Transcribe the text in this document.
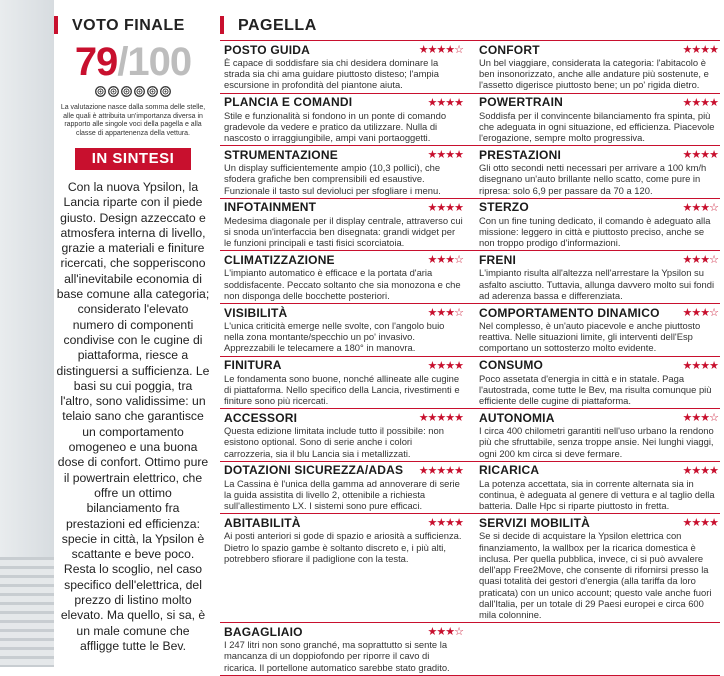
VOTO FINALE
79/100
La valutazione nasce dalla somma delle stelle, alle quali è attribuita un'importanza diversa in rapporto alle singole voci della pagella e alla classe di appartenenza della vettura.
IN SINTESI
Con la nuova Ypsilon, la Lancia riparte con il piede giusto. Design azzeccato e atmosfera interna di livello, grazie a materiali e finiture ricercati, che sopperiscono all'inevitabile economia di base comune alla categoria; considerato l'elevato numero di componenti condivise con le cugine di piattaforma, riesce a distinguersi a sufficienza. Le basi su cui poggia, tra l'altro, sono validissime: un telaio sano che garantisce un comportamento omogeneo e una buona dose di confort. Ottimo pure il powertrain elettrico, che offre un ottimo bilanciamento fra prestazioni ed efficienza: specie in città, la Ypsilon è scattante e beve poco. Resta lo scoglio, nel caso specifico dell'elettrica, del prezzo di listino molto elevato. Ma quello, si sa, è un male comune che affligge tutte le Bev.
PAGELLA
POSTO GUIDA	★★★★☆
È capace di soddisfare sia chi desidera dominare la strada sia chi ama guidare piuttosto disteso; l'ampia escursione in profondità del piantone aiuta.
CONFORT	★★★★
Un bel viaggiare, considerata la categoria: l'abitacolo è ben insonorizzato, anche alle andature più sostenute, e l'assetto digerisce piuttosto bene; un po' rigida dietro.
PLANCIA E COMANDI	★★★★
Stile e funzionalità si fondono in un ponte di comando gradevole da vedere e pratico da utilizzare. Nulla di nascosto o irraggiungibile, ampi vani portaoggetti.
POWERTRAIN	★★★★
Soddisfa per il convincente bilanciamento fra spinta, più che adeguata in ogni situazione, ed efficienza. Piacevole l'erogazione, sempre molto progressiva.
STRUMENTAZIONE	★★★★
Un display sufficientemente ampio (10,3 pollici), che sfodera grafiche ben comprensibili ed esaustive. Funzionale il tasto sul devioluci per sfogliare i menu.
PRESTAZIONI	★★★★
Gli otto secondi netti necessari per arrivare a 100 km/h disegnano un'auto brillante nello scatto, come pure in ripresa: solo 6,9 per passare da 70 a 120.
INFOTAINMENT	★★★★
Medesima diagonale per il display centrale, attraverso cui si snoda un'interfaccia ben disegnata: grandi widget per le funzioni principali e tasti fisici scorciatoia.
STERZO	★★★☆
Con un fine tuning dedicato, il comando è adeguato alla missione: leggero in città e piuttosto preciso, anche se non troppo prodigo d'informazioni.
CLIMATIZZAZIONE	★★★☆
L'impianto automatico è efficace e la portata d'aria soddisfacente. Peccato soltanto che sia monozona e che non disponga delle bocchette posteriori.
FRENI	★★★☆
L'impianto risulta all'altezza nell'arrestare la Ypsilon su asfalto asciutto. Tuttavia, allunga davvero molto sui fondi ad aderenza bassa e differenziata.
VISIBILITÀ	★★★☆
L'unica criticità emerge nelle svolte, con l'angolo buio nella zona montante/specchio un po' invasivo. Apprezzabili le telecamere a 180° in manovra.
COMPORTAMENTO DINAMICO ★★★☆
Nel complesso, è un'auto piacevole e anche piuttosto reattiva. Nelle situazioni limite, gli interventi dell'Esp comportano un sottosterzo molto evidente.
FINITURA	★★★★
Le fondamenta sono buone, nonché allineate alle cugine di piattaforma. Nello specifico della Lancia, rivestimenti e finiture sono più ricercati.
CONSUMO	★★★★
Poco assetata d'energia in città e in statale. Paga l'autostrada, come tutte le Bev, ma risulta comunque più efficiente delle cugine di piattaforma.
ACCESSORI	★★★★★
Questa edizione limitata include tutto il possibile: non esistono optional. Sono di serie anche i colori carrozzeria, sia il blu Lancia sia i metallizzati.
AUTONOMIA	★★★☆
I circa 400 chilometri garantiti nell'uso urbano la rendono più che sfruttabile, senza troppe ansie. Nei lunghi viaggi, ogni 200 km circa si deve fermare.
DOTAZIONI SICUREZZA/ADAS ★★★★★
La Cassina è l'unica della gamma ad annoverare di serie la guida assistita di livello 2, ottenibile a richiesta sull'allestimento LX. I sistemi sono pure efficaci.
RICARICA	★★★★
La potenza accettata, sia in corrente alternata sia in continua, è adeguata al genere di vettura e al taglio della batteria. Dalle Hpc si riparte piuttosto in fretta.
ABITABILITÀ	★★★★
Ai posti anteriori si gode di spazio e ariosità a sufficienza. Dietro lo spazio gambe è soltanto discreto e, i più alti, potrebbero sfiorare il padiglione con la testa.
SERVIZI MOBILITÀ	★★★★
Se si decide di acquistare la Ypsilon elettrica con finanziamento, la wallbox per la ricarica domestica è inclusa. Per quella pubblica, invece, ci si può avvalere dell'app Free2Move, che consente di rifornirsi presso la quasi totalità dei gestori d'energia (alla tariffa da loro praticata) con un unico account; questo vale anche fuori dall'Italia, per un totale di 29 Paesi europei e circa 600 mila colonnine.
BAGAGLIAIO	★★★☆
I 247 litri non sono granché, ma soprattutto si sente la mancanza di un doppiofondo per riporre il cavo di ricarica. Il portellone automatico sarebbe stato gradito.
